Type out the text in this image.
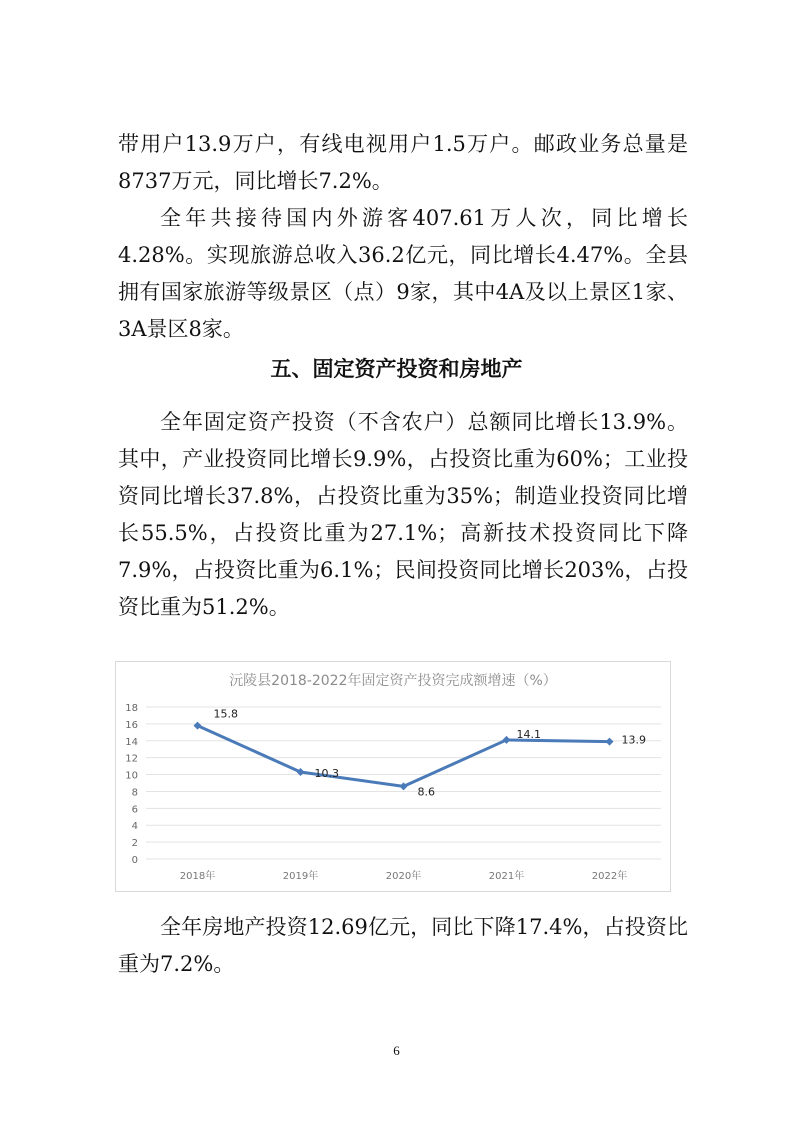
带用户13.9万户，有线电视用户1.5万户。邮政业务总量是8737万元，同比增长7.2%。

全年共接待国内外游客407.61万人次，同比增长4.28%。实现旅游总收入36.2亿元，同比增长4.47%。全县拥有国家旅游等级景区（点）9家，其中4A及以上景区1家、3A景区8家。

五、固定资产投资和房地产

全年固定资产投资（不含农户）总额同比增长13.9%。其中，产业投资同比增长9.9%，占投资比重为60%；工业投资同比增长37.8%，占投资比重为35%；制造业投资同比增长55.5%，占投资比重为27.1%；高新技术投资同比下降7.9%，占投资比重为6.1%；民间投资同比增长203%，占投资比重为51.2%。

沅陵县2018-2022年固定资产投资完成额增速（%）
0
2
4
6
8
10
12
14
16
18
2018年	2019年	2020年	2021年	2022年
15.8
10.3
8.6
14.1	13.9

全年房地产投资12.69亿元，同比下降17.4%，占投资比重为7.2%。

6
